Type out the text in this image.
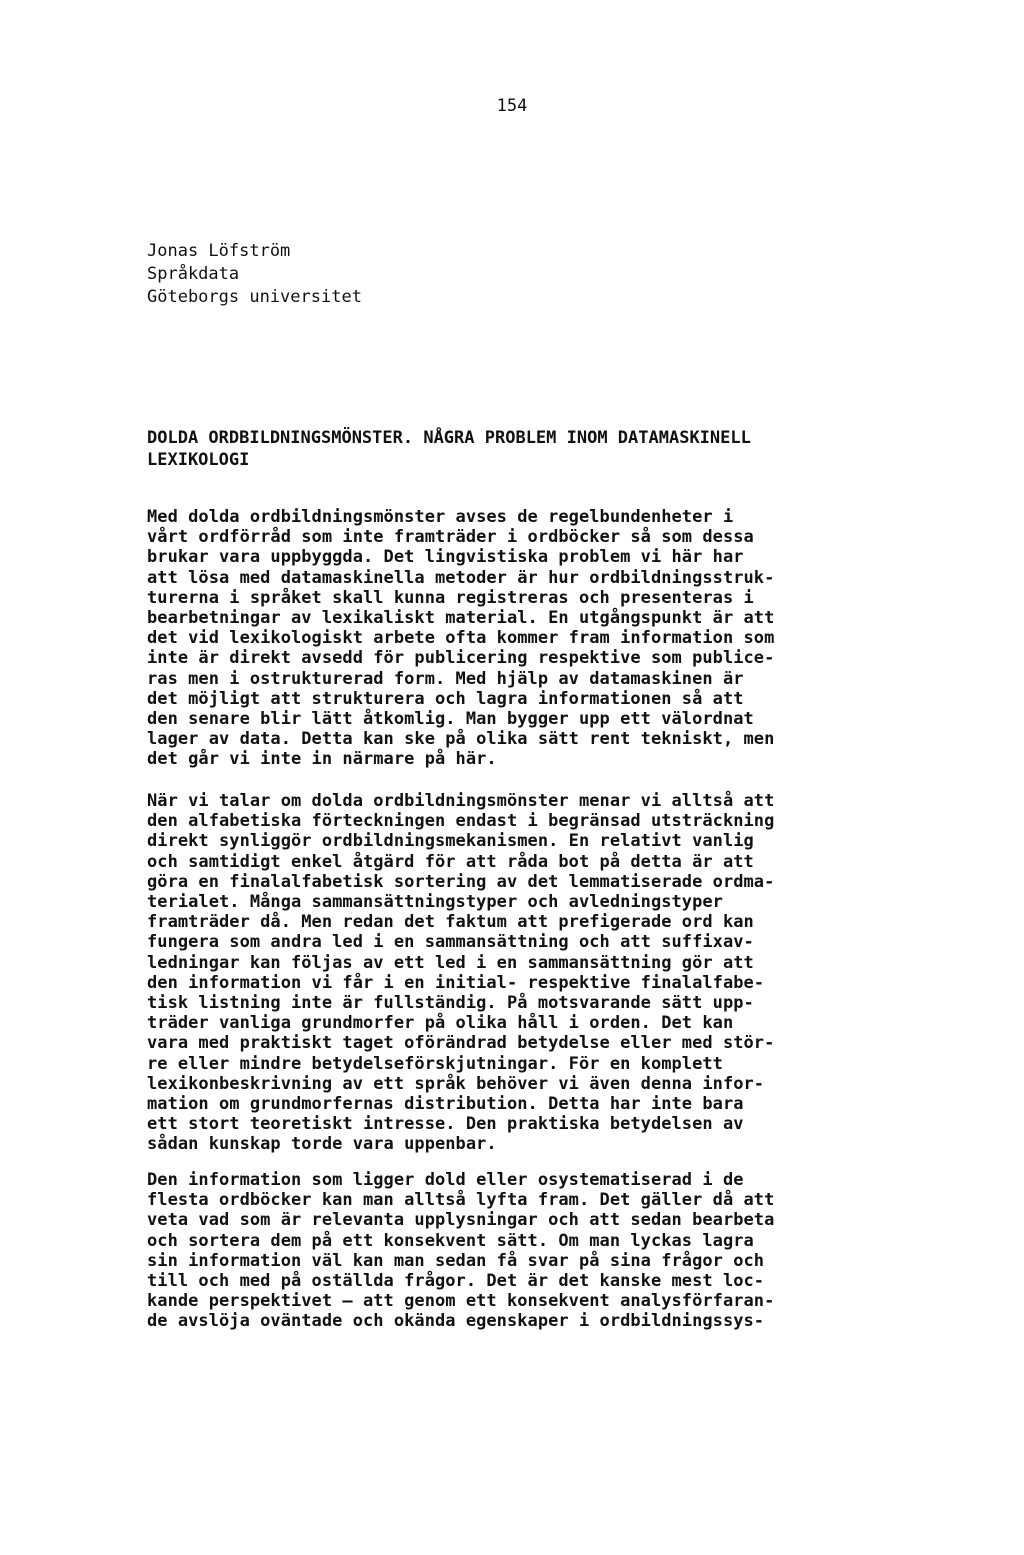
154
Jonas Löfström
Språkdata
Göteborgs universitet
DOLDA ORDBILDNINGSMÖNSTER. NÅGRA PROBLEM INOM DATAMASKINELL
LEXIKOLOGI
Med dolda ordbildningsmönster avses de regelbundenheter i
vårt ordförråd som inte framträder i ordböcker så som dessa
brukar vara uppbyggda. Det lingvistiska problem vi här har
att lösa med datamaskinella metoder är hur ordbildningsstruk-
turerna i språket skall kunna registreras och presenteras i
bearbetningar av lexikaliskt material. En utgångspunkt är att
det vid lexikologiskt arbete ofta kommer fram information som
inte är direkt avsedd för publicering respektive som publice-
ras men i ostrukturerad form. Med hjälp av datamaskinen är
det möjligt att strukturera och lagra informationen så att
den senare blir lätt åtkomlig. Man bygger upp ett välordnat
lager av data. Detta kan ske på olika sätt rent tekniskt, men
det går vi inte in närmare på här.
När vi talar om dolda ordbildningsmönster menar vi alltså att
den alfabetiska förteckningen endast i begränsad utsträckning
direkt synliggör ordbildningsmekanismen. En relativt vanlig
och samtidigt enkel åtgärd för att råda bot på detta är att
göra en finalalfabetisk sortering av det lemmatiserade ordma-
terialet. Många sammansättningstyper och avledningstyper
framträder då. Men redan det faktum att prefigerade ord kan
fungera som andra led i en sammansättning och att suffixav-
ledningar kan följas av ett led i en sammansättning gör att
den information vi får i en initial- respektive finalalfabe-
tisk listning inte är fullständig. På motsvarande sätt upp-
träder vanliga grundmorfer på olika håll i orden. Det kan
vara med praktiskt taget oförändrad betydelse eller med stör-
re eller mindre betydelseförskjutningar. För en komplett
lexikonbeskrivning av ett språk behöver vi även denna infor-
mation om grundmorfernas distribution. Detta har inte bara
ett stort teoretiskt intresse. Den praktiska betydelsen av
sådan kunskap torde vara uppenbar.
Den information som ligger dold eller osystematiserad i de
flesta ordböcker kan man alltså lyfta fram. Det gäller då att
veta vad som är relevanta upplysningar och att sedan bearbeta
och sortera dem på ett konsekvent sätt. Om man lyckas lagra
sin information väl kan man sedan få svar på sina frågor och
till och med på oställda frågor. Det är det kanske mest loc-
kande perspektivet — att genom ett konsekvent analysförfaran-
de avslöja oväntade och okända egenskaper i ordbildningssys-
